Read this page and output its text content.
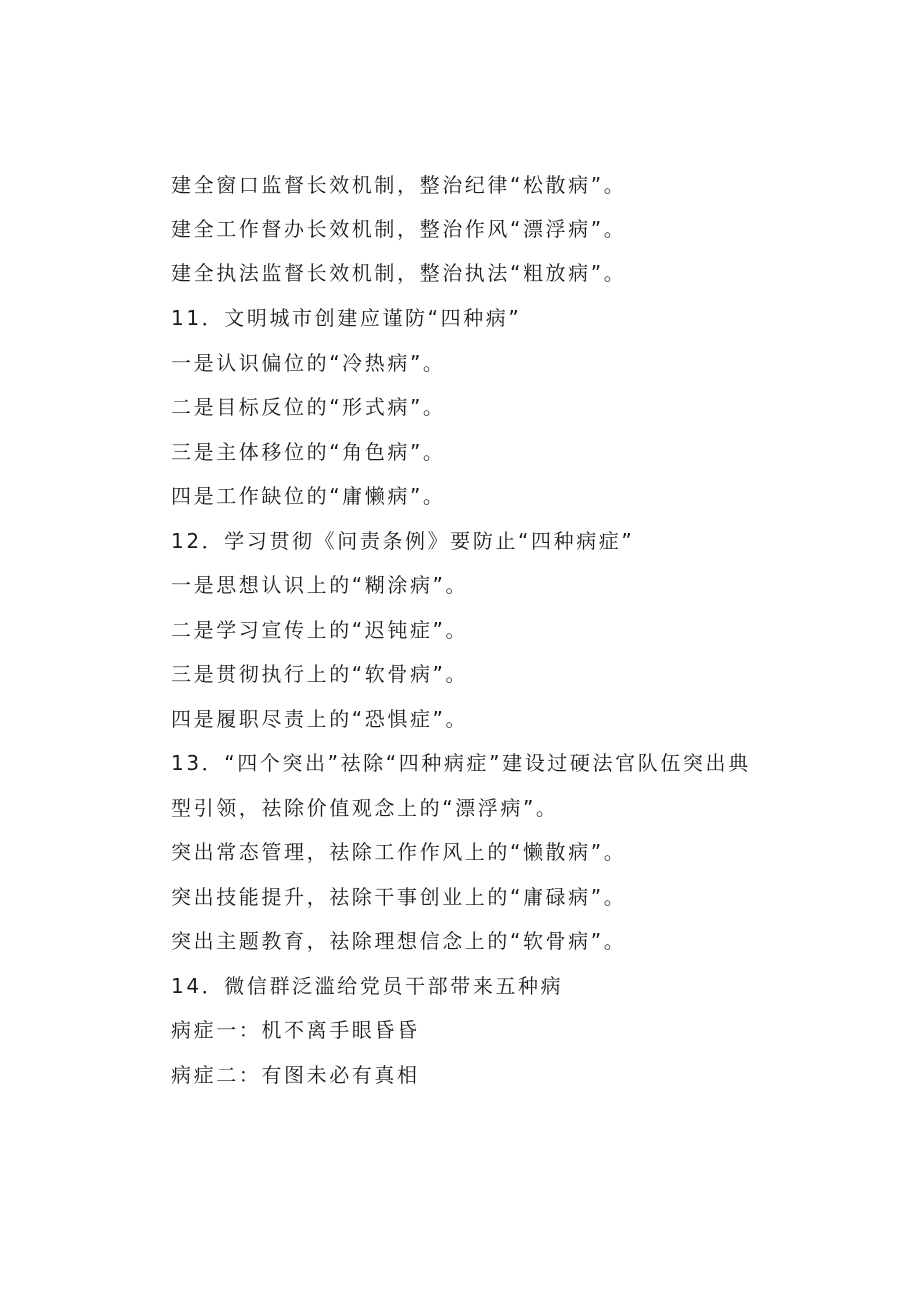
建全窗口监督长效机制，整治纪律“松散病”。
建全工作督办长效机制，整治作风“漂浮病”。
建全执法监督长效机制，整治执法“粗放病”。
11．文明城市创建应谨防“四种病”
一是认识偏位的“冷热病”。
二是目标反位的“形式病”。
三是主体移位的“角色病”。
四是工作缺位的“庸懒病”。
12．学习贯彻《问责条例》要防止“四种病症”
一是思想认识上的“糊涂病”。
二是学习宣传上的“迟钝症”。
三是贯彻执行上的“软骨病”。
四是履职尽责上的“恐惧症”。
13．“四个突出”祛除“四种病症”建设过硬法官队伍突出典
型引领，祛除价值观念上的“漂浮病”。
突出常态管理，祛除工作作风上的“懒散病”。
突出技能提升，祛除干事创业上的“庸碌病”。
突出主题教育，祛除理想信念上的“软骨病”。
14．微信群泛滥给党员干部带来五种病
病症一：机不离手眼昏昏
病症二：有图未必有真相
